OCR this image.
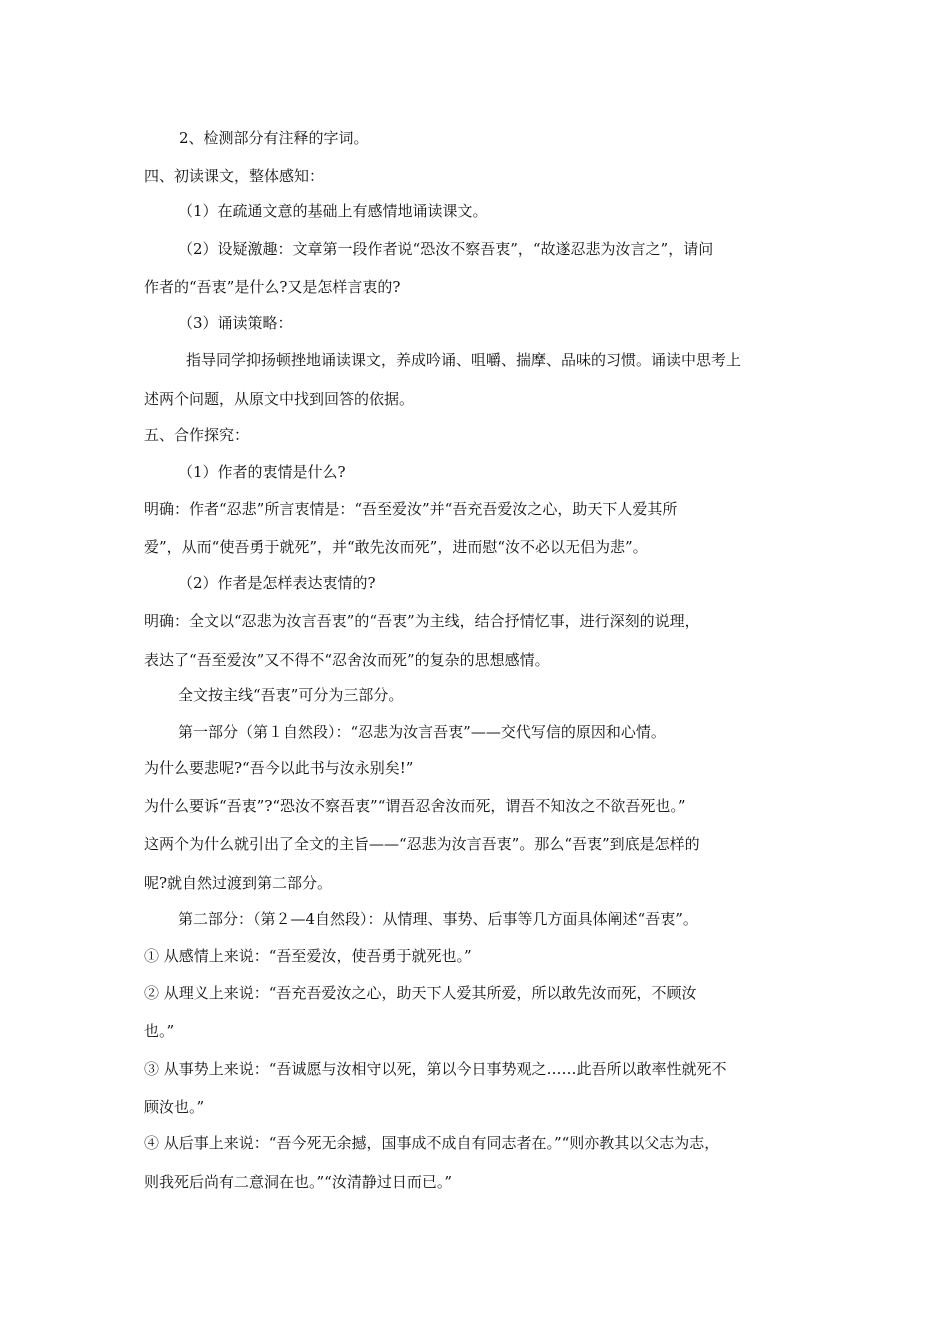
2、检测部分有注释的字词。
四、初读课文，整体感知：
（1）在疏通文意的基础上有感情地诵读课文。
（2）设疑激趣：文章第一段作者说“恐汝不察吾衷”，“故遂忍悲为汝言之”，请问
作者的“吾衷”是什么?又是怎样言衷的?
（3）诵读策略：
指导同学抑扬顿挫地诵读课文，养成吟诵、咀嚼、揣摩、品味的习惯。诵读中思考上
述两个问题，从原文中找到回答的依据。
五、合作探究：
（1）作者的衷情是什么?
明确：作者“忍悲”所言衷情是：“吾至爱汝”并“吾充吾爱汝之心，助天下人爱其所
爱”，从而“使吾勇于就死”，并“敢先汝而死”，进而慰“汝不必以无侣为悲”。
（2）作者是怎样表达衷情的?
明确：全文以“忍悲为汝言吾衷”的“吾衷”为主线，结合抒情忆事，进行深刻的说理，
表达了“吾至爱汝”又不得不“忍舍汝而死”的复杂的思想感情。
全文按主线“吾衷”可分为三部分。
第一部分（第１自然段）：“忍悲为汝言吾衷”——交代写信的原因和心情。
为什么要悲呢?“吾今以此书与汝永别矣!”
为什么要诉“吾衷”?“恐汝不察吾衷”“谓吾忍舍汝而死，谓吾不知汝之不欲吾死也。”
这两个为什么就引出了全文的主旨——“忍悲为汝言吾衷”。那么“吾衷”到底是怎样的
呢?就自然过渡到第二部分。
第二部分：（第２—4自然段）：从情理、事势、后事等几方面具体阐述“吾衷”。
① 从感情上来说：“吾至爱汝，使吾勇于就死也。”
② 从理义上来说：“吾充吾爱汝之心，助天下人爱其所爱，所以敢先汝而死，不顾汝
也。”
③ 从事势上来说：“吾诚愿与汝相守以死，第以今日事势观之……此吾所以敢率性就死不
顾汝也。”
④ 从后事上来说：“吾今死无余撼，国事成不成自有同志者在。”“则亦教其以父志为志，
则我死后尚有二意洞在也。”“汝清静过日而已。”
